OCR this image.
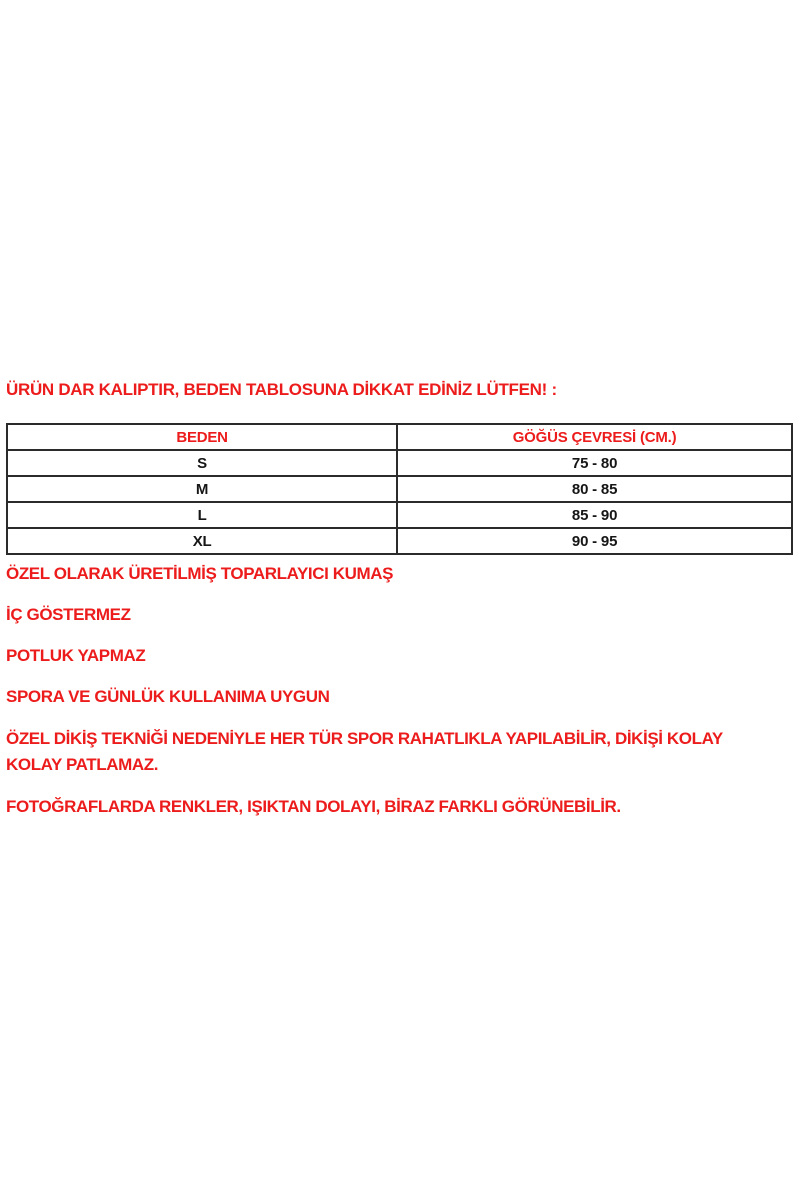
ÜRÜN DAR KALIPTIR, BEDEN TABLOSUNA DİKKAT EDİNİZ LÜTFEN! :
BEDEN	GÖĞÜS ÇEVRESİ (CM.)
S	75 - 80
M	80 - 85
L	85 - 90
XL	90 - 95

ÖZEL OLARAK ÜRETİLMİŞ TOPARLAYICI KUMAŞ

İÇ GÖSTERMEZ

POTLUK YAPMAZ

SPORA VE GÜNLÜK KULLANIMA UYGUN

ÖZEL DİKİŞ TEKNİĞİ NEDENİYLE HER TÜR SPOR RAHATLIKLA YAPILABİLİR, DİKİŞİ KOLAY KOLAY PATLAMAZ.

FOTOĞRAFLARDA RENKLER, IŞIKTAN DOLAYI, BİRAZ FARKLI GÖRÜNEBİLİR.
